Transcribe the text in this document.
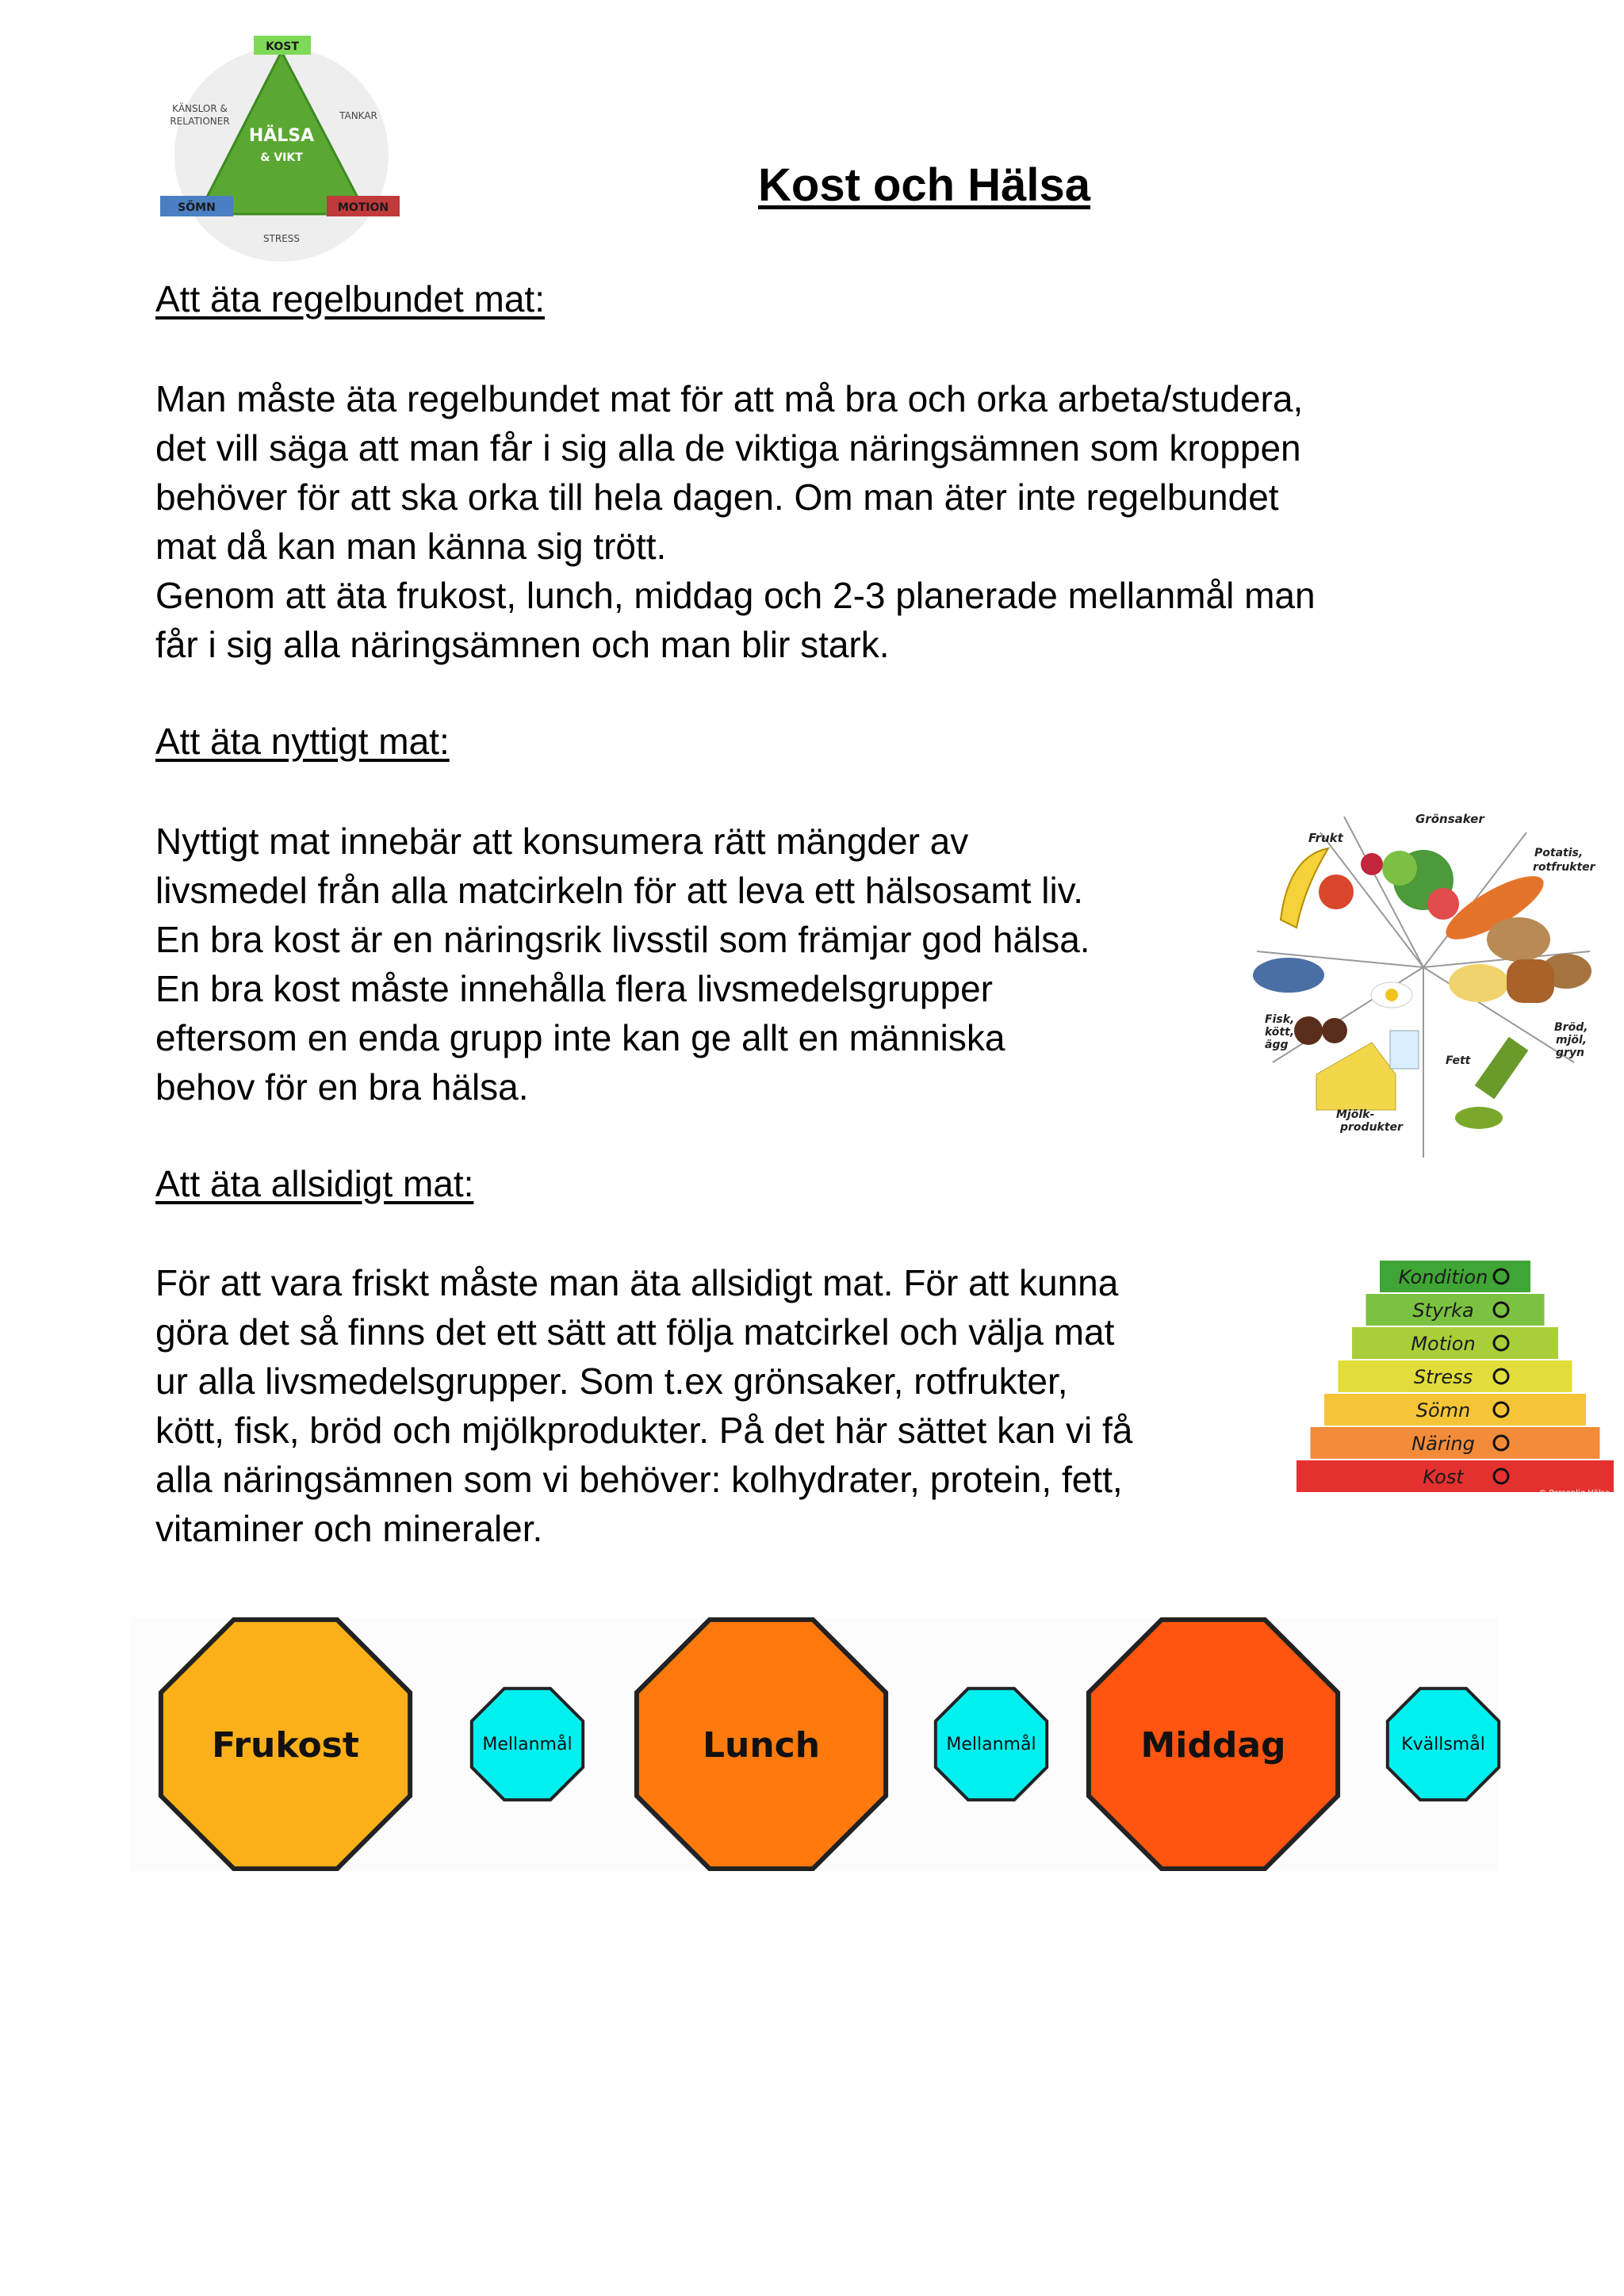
KOST
KÄNSLOR &
RELATIONER	TANKAR
HÄLSA
& VIKT
SÖMN	MOTION
STRESS
Kost och Hälsa
Att äta regelbundet mat:
Man måste äta regelbundet mat för att må bra och orka arbeta/studera,
det vill säga att man får i sig alla de viktiga näringsämnen som kroppen
behöver för att ska orka till hela dagen. Om man äter inte regelbundet
mat då kan man känna sig trött.
Genom att äta frukost, lunch, middag och 2-3 planerade mellanmål man
får i sig alla näringsämnen och man blir stark.
Att äta nyttigt mat:
Nyttigt mat innebär att konsumera rätt mängder av
livsmedel från alla matcirkeln för att leva ett hälsosamt liv.
En bra kost är en näringsrik livsstil som främjar god hälsa.
En bra kost måste innehålla flera livsmedelsgrupper
eftersom en enda grupp inte kan ge allt en människa
behov för en bra hälsa.
Grönsaker
Frukt
Potatis,
rotfrukter
Fisk,
kött,
ägg
Bröd,
mjöl,
gryn
Fett
Mjölk-
produkter
Att äta allsidigt mat:
För att vara friskt måste man äta allsidigt mat. För att kunna
göra det så finns det ett sätt att följa matcirkel och välja mat
ur alla livsmedelsgrupper. Som t.ex grönsaker, rotfrukter,
kött, fisk, bröd och mjölkprodukter. På det här sättet kan vi få
alla näringsämnen som vi behöver: kolhydrater, protein, fett,
vitaminer och mineraler.
Kondition
Styrka
Motion
Stress
Sömn
Näring
Kost
© Personlig Hälsa
Frukost	Mellanmål	Lunch	Mellanmål	Middag	Kvällsmål
